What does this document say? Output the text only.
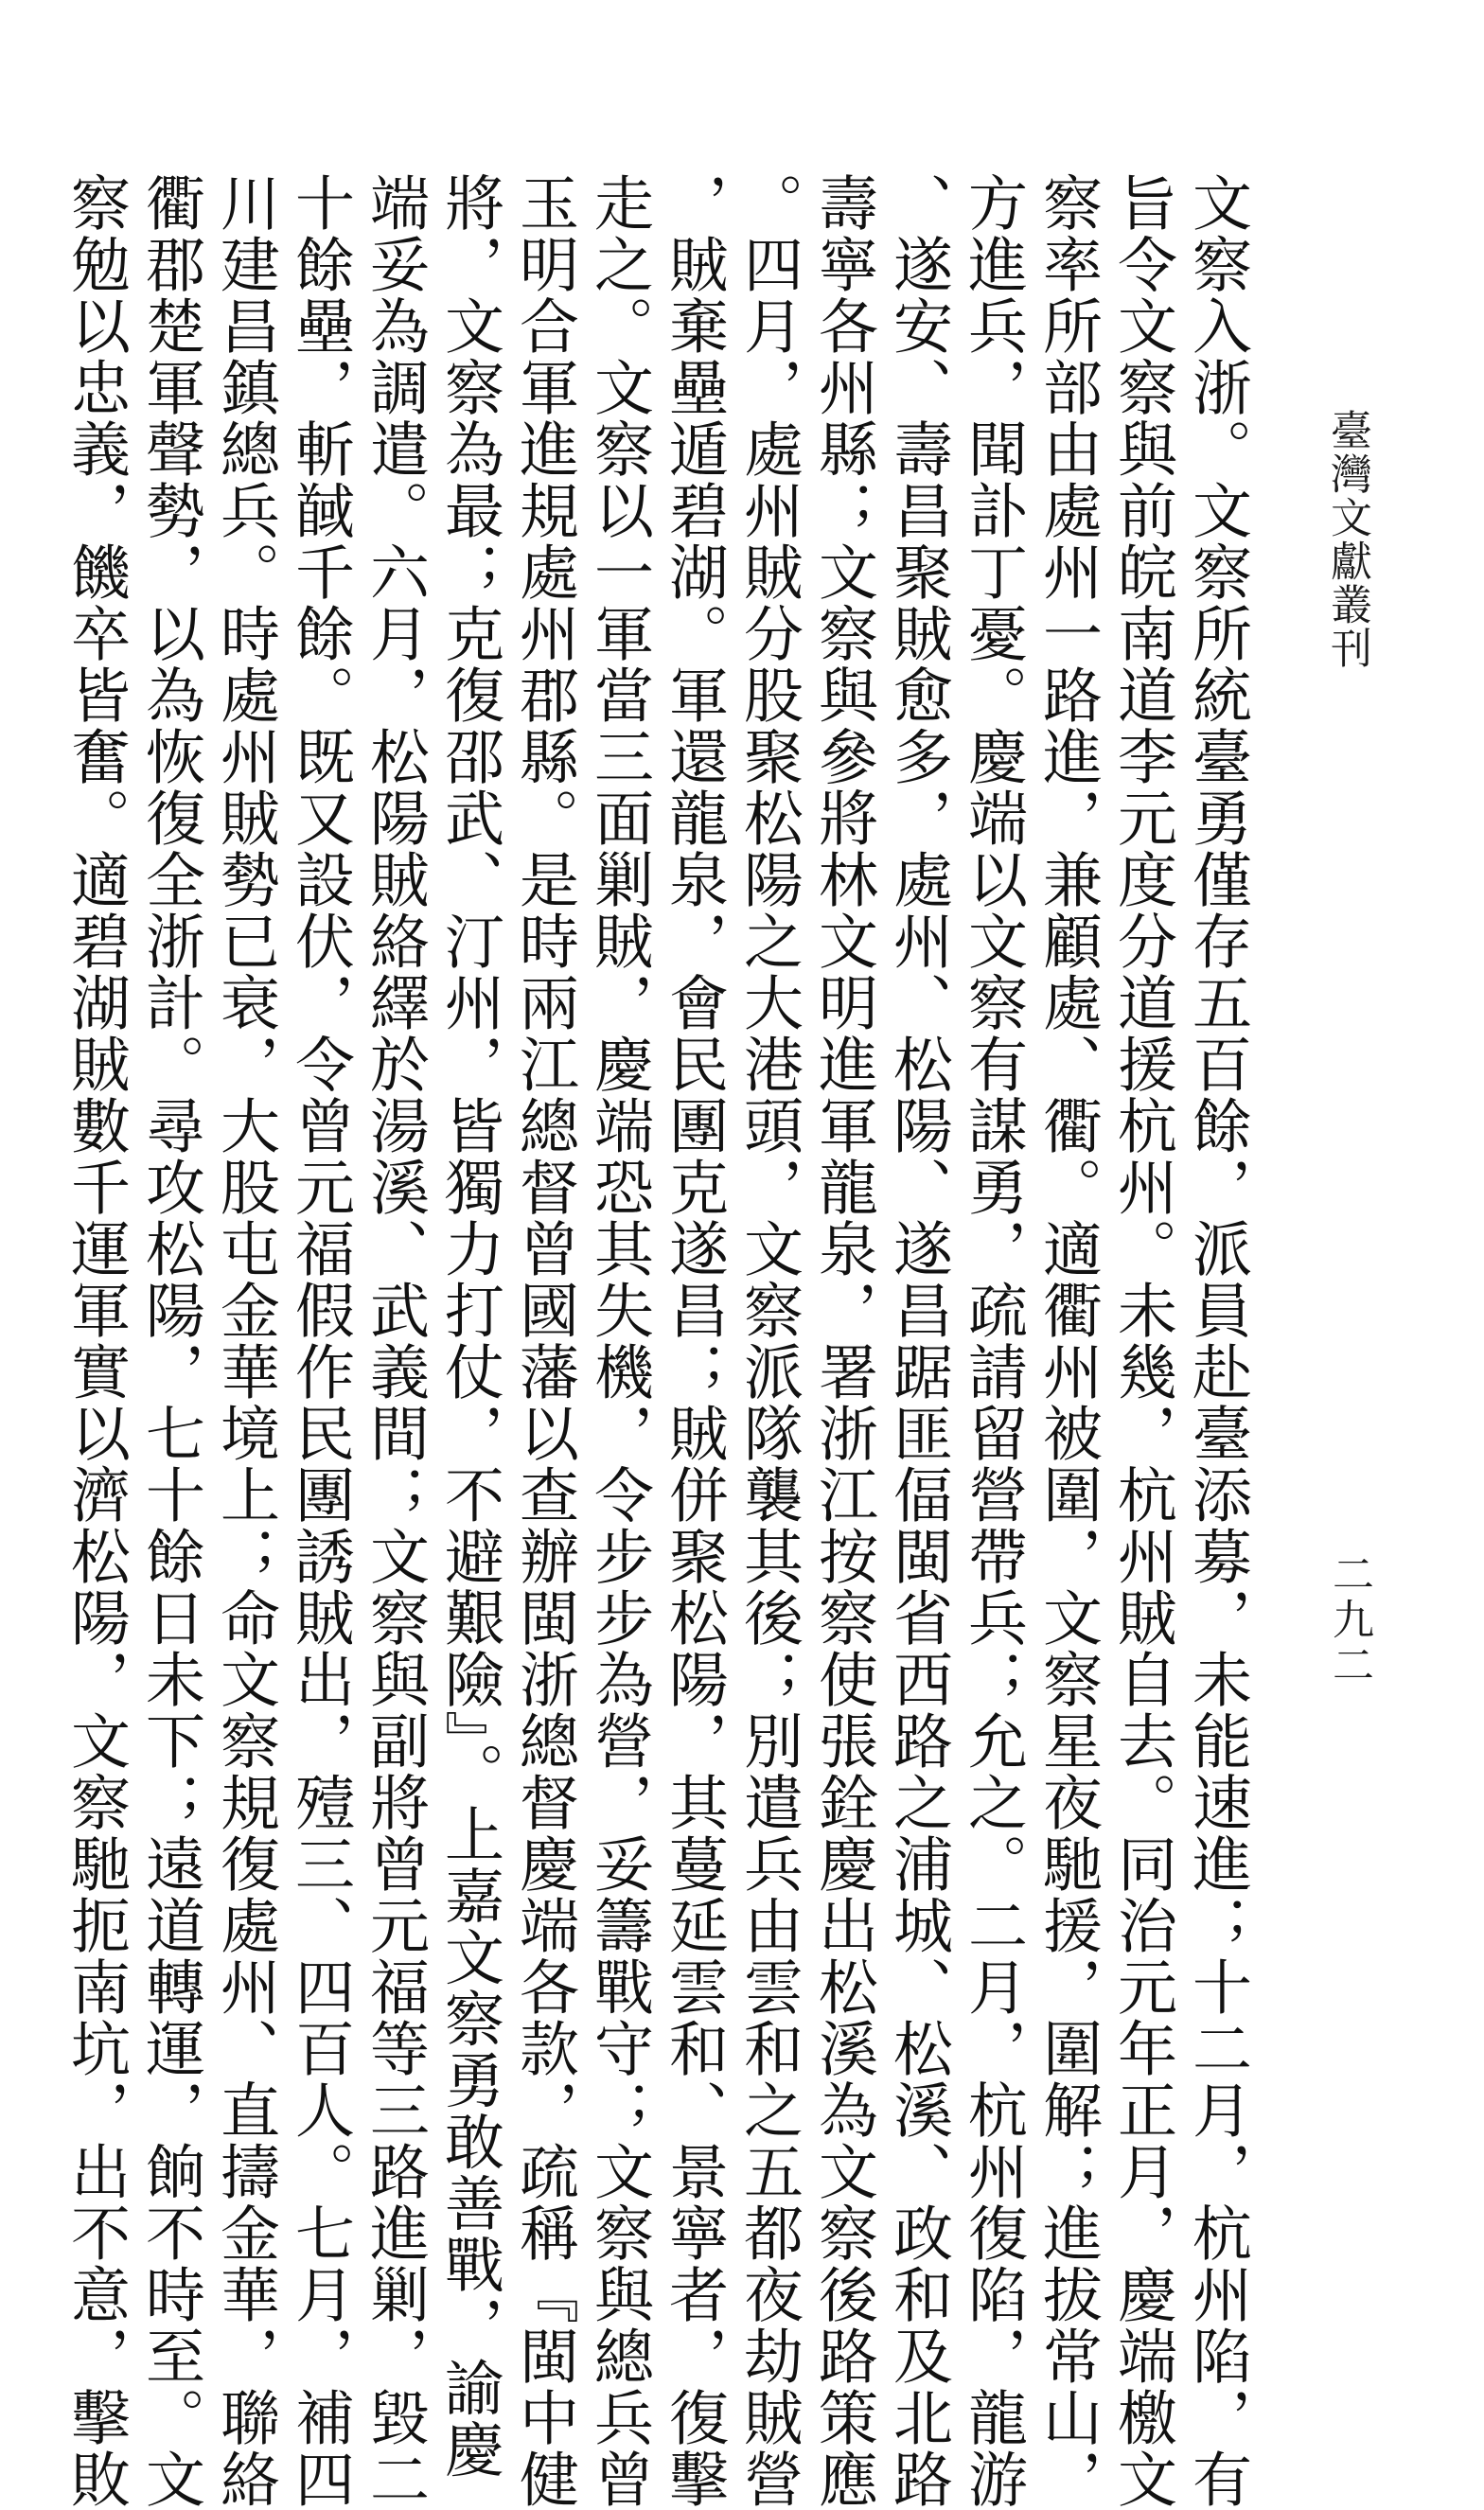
臺灣文獻叢刊
二九二
文察入浙。文察所統臺勇僅存五百餘，派員赴臺添募，未能速進；十二月，杭州陷，有
旨令文察與前皖南道李元度分道援杭州。未幾，杭州賊自去。同治元年正月，慶端檄文
察率所部由處州一路進，兼顧處、衢。適衢州被圍，文察星夜馳援，圍解；進拔常山，
方進兵，聞訃丁憂。慶端以文察有謀勇，疏請留營帶兵；允之。二月，杭州復陷，龍游
、遂安、壽昌聚賊愈多，處州、松陽、遂昌踞匪偪閩省西路之浦城、松溪、政和及北路
壽寧各州縣；文察與參將林文明進軍龍泉，署浙江按察使張銓慶出松溪為文察後路策應
。四月，處州賊分股聚松陽之大港頭，文察派隊襲其後；別遣兵由雲和之五都夜劫賊營
，賊棄壘遁碧湖。軍還龍泉，會民團克遂昌；賊併聚松陽，其蔓延雲和、景寧者，復擊
走之。文察以一軍當三面剿賊，慶端恐其失機，令步步為營，妥籌戰守；文察與總兵曾
玉明合軍進規處州郡縣。是時兩江總督曾國藩以查辦閩浙總督慶端各款，疏稱『閩中健
將，文察為最；克復邵武、汀州，皆獨力打仗，不避艱險』。上嘉文察勇敢善戰，諭慶
端妥為調遣。六月，松陽賊絡繹於湯溪、武義間；文察與副將曾元福等三路進剿，毀二
十餘壘，斬馘千餘。既又設伏，令曾元福假作民團誘賊出，殪三、四百人。七月，補四
川建昌鎮總兵。時處州賊勢已衰，大股屯金華境上；命文察規復處州、直擣金華，聯絡
衢郡楚軍聲勢，以為恢復全浙計。尋攻松陽，七十餘日未下；遠道轉運，餉不時至。文
察勉以忠義，饑卒皆奮。適碧湖賊數千運軍實以濟松陽，文察馳扼南坑，出不意，擊敗
